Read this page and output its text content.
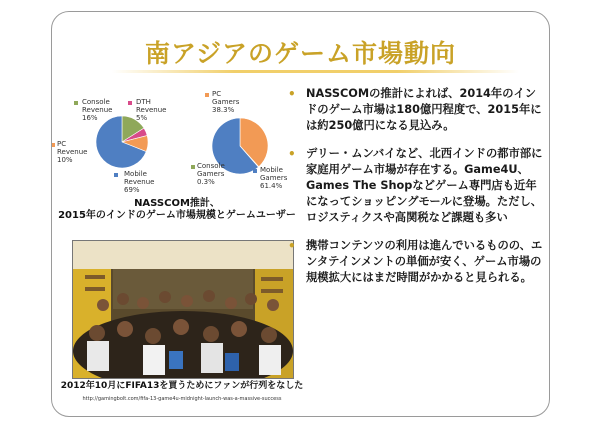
南アジアのゲーム市場動向
Console
Revenue
16%
DTH
Revenue
5%
PC
Revenue
10%
Mobile
Revenue
69%
PC
Gamers
38.3%
Console
Gamers
0.3%
Mobile
Gamers
61.4%
NASSCOM推計、
2015年のインドのゲーム市場規模とゲームユーザー
2012年10月にFIFA13を買うためにファンが行列をなした
http://gamingbolt.com/fifa-13-game4u-midnight-launch-was-a-massive-success
• NASSCOMの推計によれば、2014年のインドのゲーム市場は180億円程度で、2015年には約250億円になる見込み。
• デリー・ムンバイなど、北西インドの都市部に家庭用ゲーム市場が存在する。Game4U、Games The Shopなどゲーム専門店も近年になってショッピングモールに登場。ただし、ロジスティクスや高関税など課題も多い
• 携帯コンテンツの利用は進んでいるものの、エンタテインメントの単価が安く、ゲーム市場の規模拡大にはまだ時間がかかると見られる。
